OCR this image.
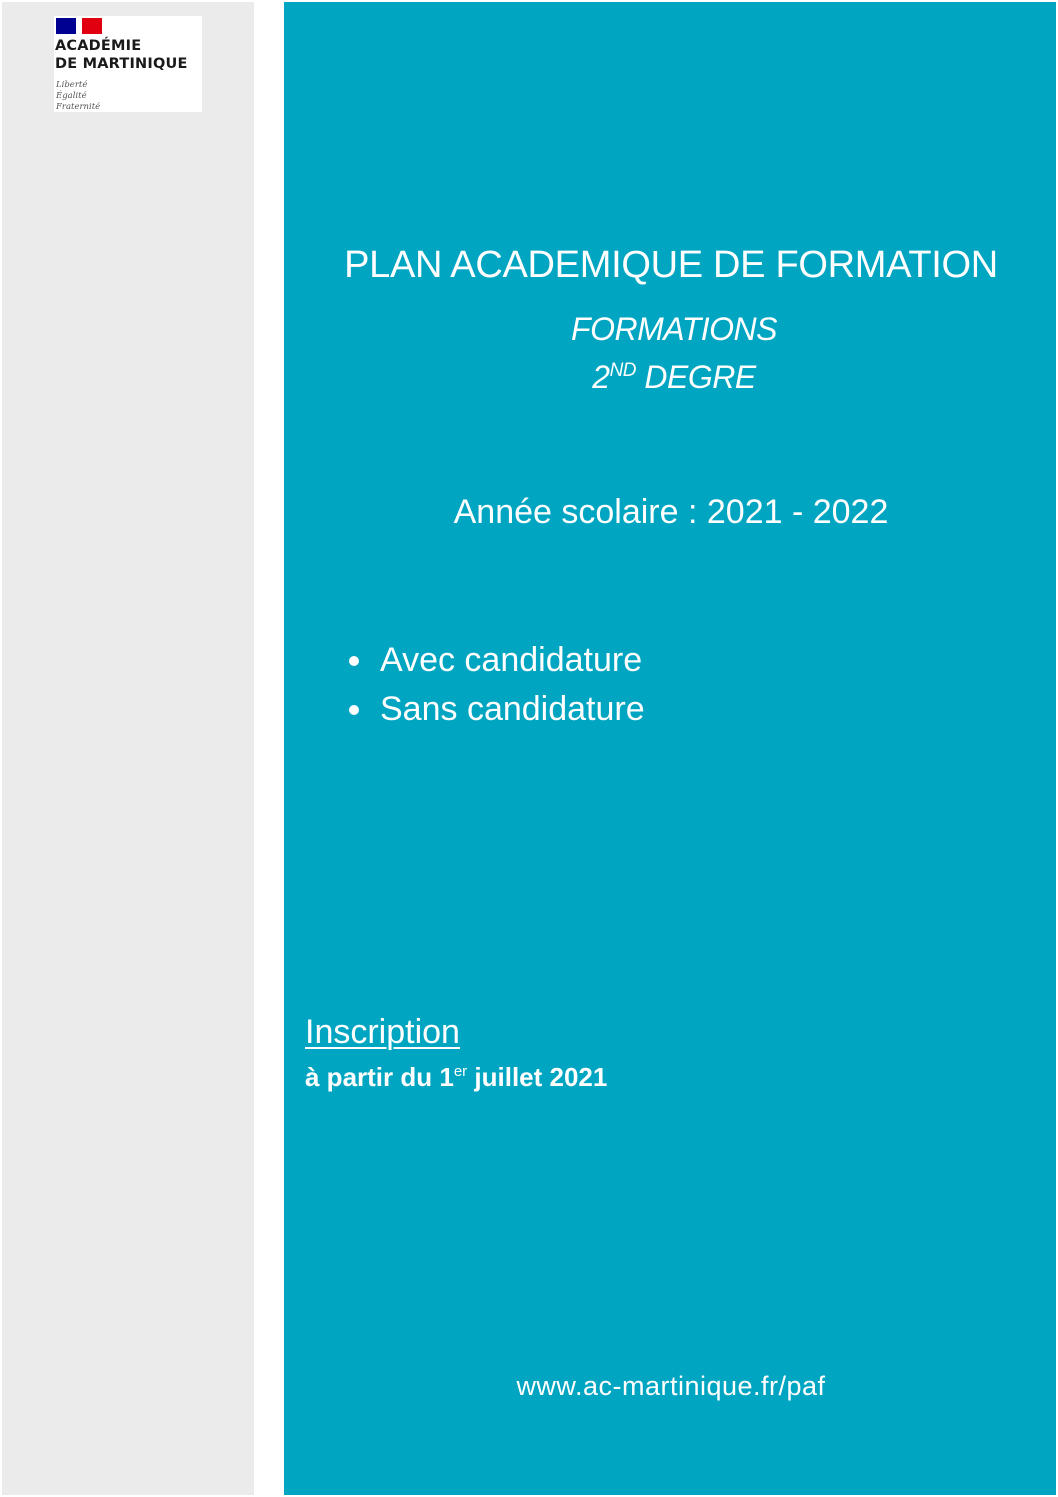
ACADÉMIE
DE MARTINIQUE
Liberté
Égalité
Fraternité
PLAN ACADEMIQUE DE FORMATION
FORMATIONS
2ND DEGRE
Année scolaire : 2021 - 2022
Avec candidature
Sans candidature
Inscription
à partir du 1er juillet 2021
www.ac-martinique.fr/paf
